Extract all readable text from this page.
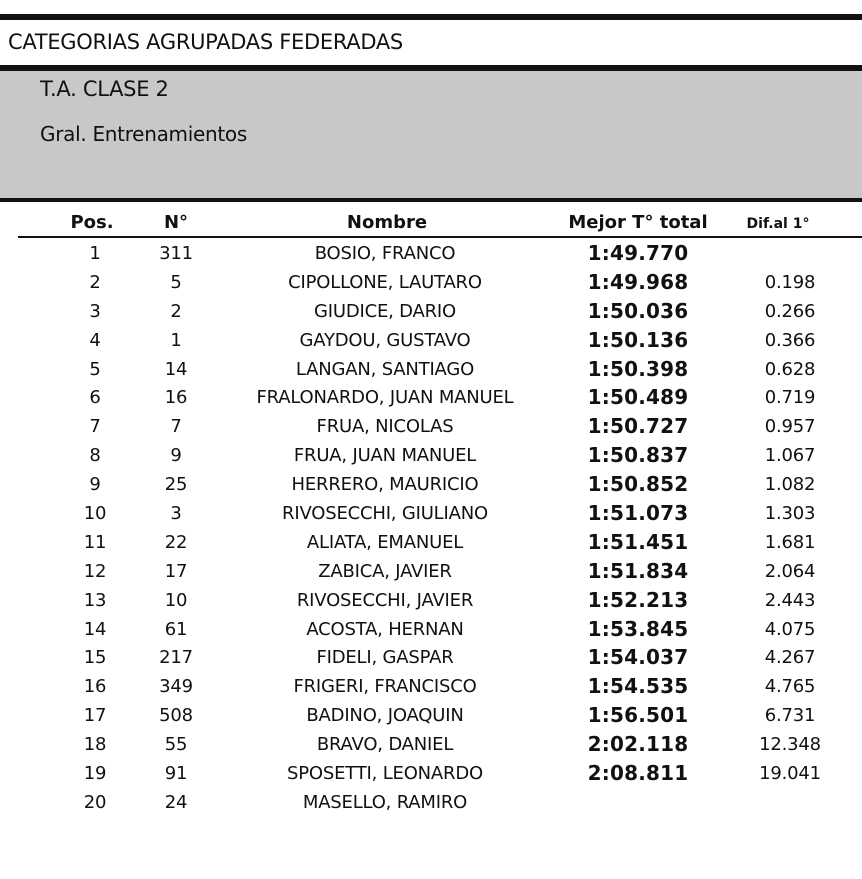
CATEGORIAS AGRUPADAS FEDERADAS
T.A. CLASE 2
Gral. Entrenamientos
Pos.	N°	Nombre	Mejor T° total	Dif.al 1°
1	311	BOSIO, FRANCO	1:49.770
2	5	CIPOLLONE, LAUTARO	1:49.968	0.198
3	2	GIUDICE, DARIO	1:50.036	0.266
4	1	GAYDOU, GUSTAVO	1:50.136	0.366
5	14	LANGAN, SANTIAGO	1:50.398	0.628
6	16	FRALONARDO, JUAN MANUEL	1:50.489	0.719
7	7	FRUA, NICOLAS	1:50.727	0.957
8	9	FRUA, JUAN MANUEL	1:50.837	1.067
9	25	HERRERO, MAURICIO	1:50.852	1.082
10	3	RIVOSECCHI, GIULIANO	1:51.073	1.303
11	22	ALIATA, EMANUEL	1:51.451	1.681
12	17	ZABICA, JAVIER	1:51.834	2.064
13	10	RIVOSECCHI, JAVIER	1:52.213	2.443
14	61	ACOSTA, HERNAN	1:53.845	4.075
15	217	FIDELI, GASPAR	1:54.037	4.267
16	349	FRIGERI, FRANCISCO	1:54.535	4.765
17	508	BADINO, JOAQUIN	1:56.501	6.731
18	55	BRAVO, DANIEL	2:02.118	12.348
19	91	SPOSETTI, LEONARDO	2:08.811	19.041
20	24	MASELLO, RAMIRO
